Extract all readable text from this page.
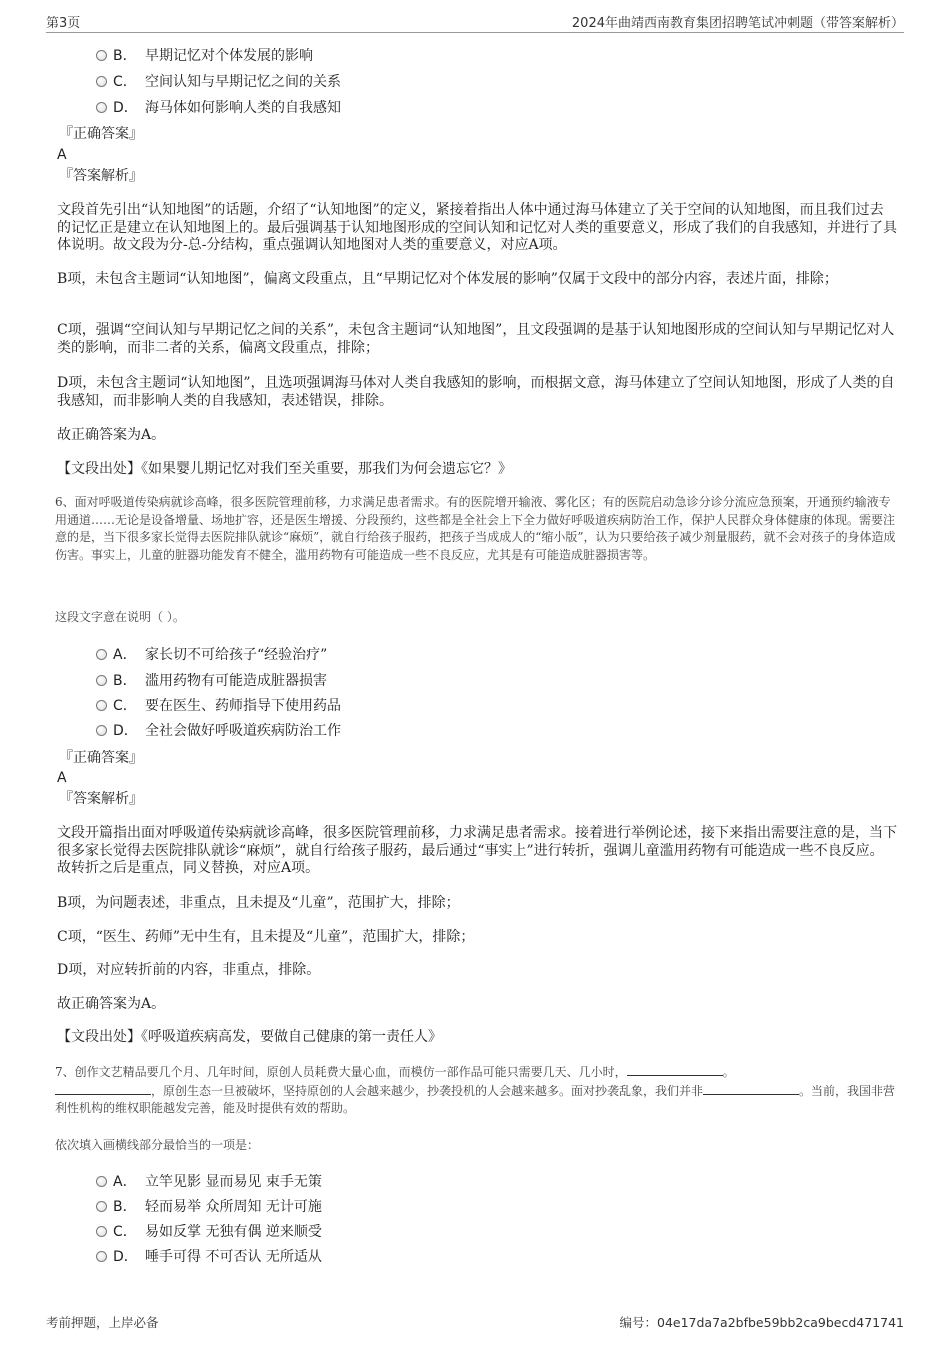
第3页	2024年曲靖西南教育集团招聘笔试冲刺题（带答案解析）
B． 早期记忆对个体发展的影响
C． 空间认知与早期记忆之间的关系
D． 海马体如何影响人类的自我感知
『正确答案』
A
『答案解析』
文段首先引出“认知地图”的话题，介绍了“认知地图”的定义，紧接着指出人体中通过海马体建立了关于空间的认知地图，而且我们过去的记忆正是建立在认知地图上的。最后强调基于认知地图形成的空间认知和记忆对人类的重要意义，形成了我们的自我感知，并进行了具体说明。故文段为分-总-分结构，重点强调认知地图对人类的重要意义，对应A项。
B项，未包含主题词“认知地图”，偏离文段重点，且“早期记忆对个体发展的影响”仅属于文段中的部分内容，表述片面，排除；
C项，强调“空间认知与早期记忆之间的关系”，未包含主题词“认知地图”，且文段强调的是基于认知地图形成的空间认知与早期记忆对人类的影响，而非二者的关系，偏离文段重点，排除；
D项，未包含主题词“认知地图”，且选项强调海马体对人类自我感知的影响，而根据文意，海马体建立了空间认知地图，形成了人类的自我感知，而非影响人类的自我感知，表述错误，排除。
故正确答案为A。
【文段出处】《如果婴儿期记忆对我们至关重要，那我们为何会遗忘它？》
6、面对呼吸道传染病就诊高峰，很多医院管理前移，力求满足患者需求。有的医院增开输液、雾化区；有的医院启动急诊分诊分流应急预案，开通预约输液专用通道……无论是设备增量、场地扩容，还是医生增援、分段预约，这些都是全社会上下全力做好呼吸道疾病防治工作，保护人民群众身体健康的体现。需要注意的是，当下很多家长觉得去医院排队就诊“麻烦”，就自行给孩子服药，把孩子当成成人的“缩小版”，认为只要给孩子减少剂量服药，就不会对孩子的身体造成伤害。事实上，儿童的脏器功能发育不健全，滥用药物有可能造成一些不良反应，尤其是有可能造成脏器损害等。
这段文字意在说明（ ）。
A． 家长切不可给孩子“经验治疗”
B． 滥用药物有可能造成脏器损害
C． 要在医生、药师指导下使用药品
D． 全社会做好呼吸道疾病防治工作
『正确答案』
A
『答案解析』
文段开篇指出面对呼吸道传染病就诊高峰，很多医院管理前移，力求满足患者需求。接着进行举例论述，接下来指出需要注意的是，当下很多家长觉得去医院排队就诊“麻烦”，就自行给孩子服药，最后通过“事实上”进行转折，强调儿童滥用药物有可能造成一些不良反应。故转折之后是重点，同义替换，对应A项。
B项，为问题表述，非重点，且未提及“儿童”，范围扩大，排除；
C项，“医生、药师”无中生有，且未提及“儿童”，范围扩大，排除；
D项，对应转折前的内容，非重点，排除。
故正确答案为A。
【文段出处】《呼吸道疾病高发，要做自己健康的第一责任人》
7、创作文艺精品要几个月、几年时间，原创人员耗费大量心血，而模仿一部作品可能只需要几天、几小时，	。
，原创生态一旦被破坏，坚持原创的人会越来越少，抄袭投机的人会越来越多。面对抄袭乱象，我们并非	。当前，我国非营利性机构的维权职能越发完善，能及时提供有效的帮助。
依次填入画横线部分最恰当的一项是：
A． 立竿见影 显而易见 束手无策
B． 轻而易举 众所周知 无计可施
C． 易如反掌 无独有偶 逆来顺受
D． 唾手可得 不可否认 无所适从
考前押题，上岸必备	编号：04e17da7a2bfbe59bb2ca9becd471741
